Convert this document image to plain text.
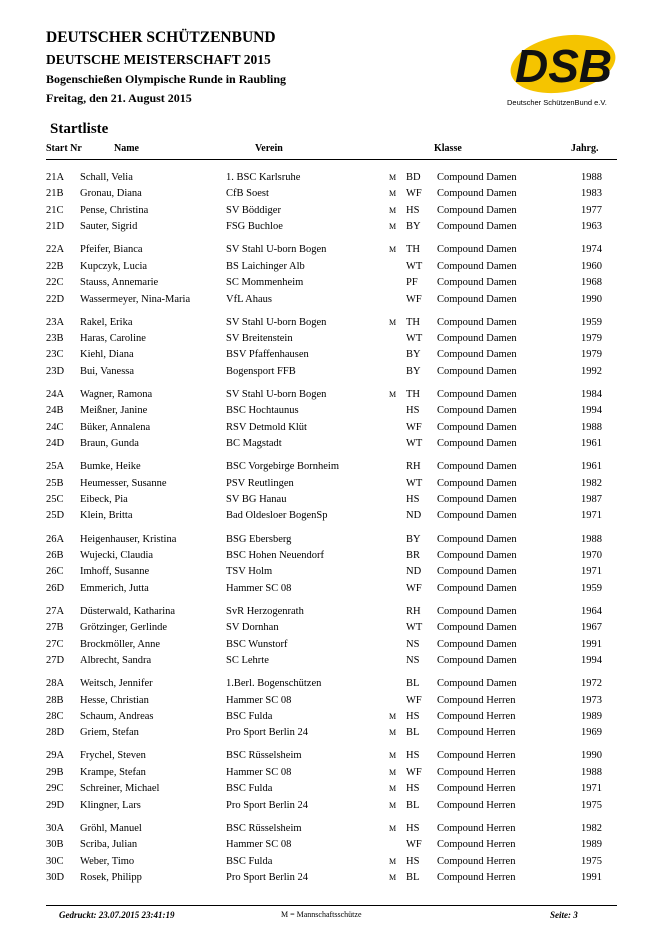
DEUTSCHER SCHÜTZENBUND
DEUTSCHE MEISTERSCHAFT 2015
Bogenschießen Olympische Runde in Raubling
Freitag, den 21. August 2015
DSB
Deutscher SchützenBund e.V.
Startliste
Start Nr	Name	Verein	Klasse	Jahrg.
21A Schall, Velia	1. BSC Karlsruhe	M BD Compound Damen	1988
21B Gronau, Diana	CfB Soest	M WF Compound Damen	1983
21C Pense, Christina	SV Böddiger	M HS Compound Damen	1977
21D Sauter, Sigrid	FSG Buchloe	M BY Compound Damen	1963
22A Pfeifer, Bianca	SV Stahl U-born Bogen	M TH Compound Damen	1974
22B Kupczyk, Lucia	BS Laichinger Alb	WT Compound Damen	1960
22C Stauss, Annemarie	SC Mommenheim	PF Compound Damen	1968
22D Wassermeyer, Nina-Maria	VfL Ahaus	WF Compound Damen	1990
23A Rakel, Erika	SV Stahl U-born Bogen	M TH Compound Damen	1959
23B Haras, Caroline	SV Breitenstein	WT Compound Damen	1979
23C Kiehl, Diana	BSV Pfaffenhausen	BY Compound Damen	1979
23D Bui, Vanessa	Bogensport FFB	BY Compound Damen	1992
24A Wagner, Ramona	SV Stahl U-born Bogen	M TH Compound Damen	1984
24B Meißner, Janine	BSC Hochtaunus	HS Compound Damen	1994
24C Büker, Annalena	RSV Detmold Klüt	WF Compound Damen	1988
24D Braun, Gunda	BC Magstadt	WT Compound Damen	1961
25A Bumke, Heike	BSC Vorgebirge Bornheim	RH Compound Damen	1961
25B Heumesser, Susanne	PSV Reutlingen	WT Compound Damen	1982
25C Eibeck, Pia	SV BG Hanau	HS Compound Damen	1987
25D Klein, Britta	Bad Oldesloer BogenSp	ND Compound Damen	1971
26A Heigenhauser, Kristina	BSG Ebersberg	BY Compound Damen	1988
26B Wujecki, Claudia	BSC Hohen Neuendorf	BR Compound Damen	1970
26C Imhoff, Susanne	TSV Holm	ND Compound Damen	1971
26D Emmerich, Jutta	Hammer SC 08	WF Compound Damen	1959
27A Düsterwald, Katharina	SvR Herzogenrath	RH Compound Damen	1964
27B Grötzinger, Gerlinde	SV Dornhan	WT Compound Damen	1967
27C Brockmöller, Anne	BSC Wunstorf	NS Compound Damen	1991
27D Albrecht, Sandra	SC Lehrte	NS Compound Damen	1994
28A Weitsch, Jennifer	1.Berl. Bogenschützen	BL Compound Damen	1972
28B Hesse, Christian	Hammer SC 08	WF Compound Herren	1973
28C Schaum, Andreas	BSC Fulda	M HS Compound Herren	1989
28D Griem, Stefan	Pro Sport Berlin 24	M BL Compound Herren	1969
29A Frychel, Steven	BSC Rüsselsheim	M HS Compound Herren	1990
29B Krampe, Stefan	Hammer SC 08	M WF Compound Herren	1988
29C Schreiner, Michael	BSC Fulda	M HS Compound Herren	1971
29D Klingner, Lars	Pro Sport Berlin 24	M BL Compound Herren	1975
30A Gröhl, Manuel	BSC Rüsselsheim	M HS Compound Herren	1982
30B Scriba, Julian	Hammer SC 08	WF Compound Herren	1989
30C Weber, Timo	BSC Fulda	M HS Compound Herren	1975
30D Rosek, Philipp	Pro Sport Berlin 24	M BL Compound Herren	1991
Gedruckt: 23.07.2015 23:41:19	M = Mannschaftsschütze	Seite: 3
